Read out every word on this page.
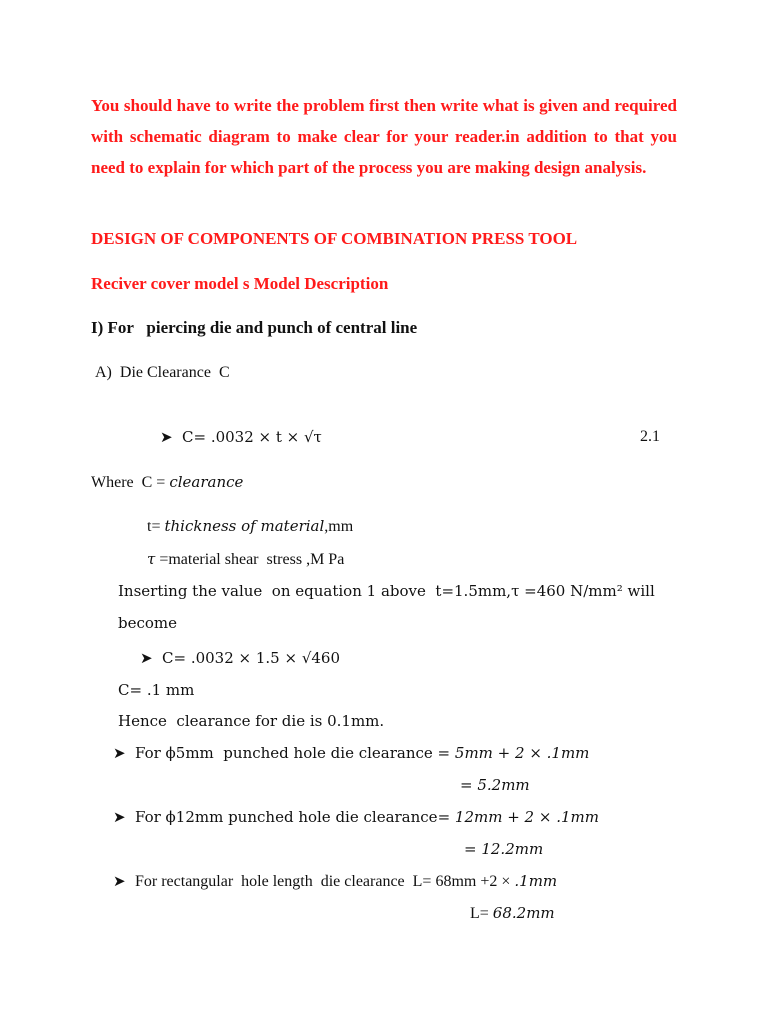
You should have to write the problem first then write what is given and required with schematic diagram to make clear for your reader.in addition to that you need to explain for which part of the process you are making design analysis.

DESIGN OF COMPONENTS OF COMBINATION PRESS TOOL
Reciver cover model s Model Description
I) For   piercing die and punch of central line
A)  Die Clearance  C
➤ C= .0032 × t × √τ	2.1
Where  C = clearance
t= thickness of material,mm
τ =material shear  stress ,M Pa
Inserting the value  on equation 1 above  t=1.5mm,τ =460 N/mm² will
become
➤ C= .0032 × 1.5 × √460
C= .1 mm
Hence  clearance for die is 0.1mm.
➤ For ϕ5mm  punched hole die clearance = 5mm + 2 × .1mm
= 5.2mm
➤ For ϕ12mm punched hole die clearance= 12mm + 2 × .1mm
= 12.2mm
➤ For rectangular  hole length  die clearance  L= 68mm +2 × .1mm
L= 68.2mm
